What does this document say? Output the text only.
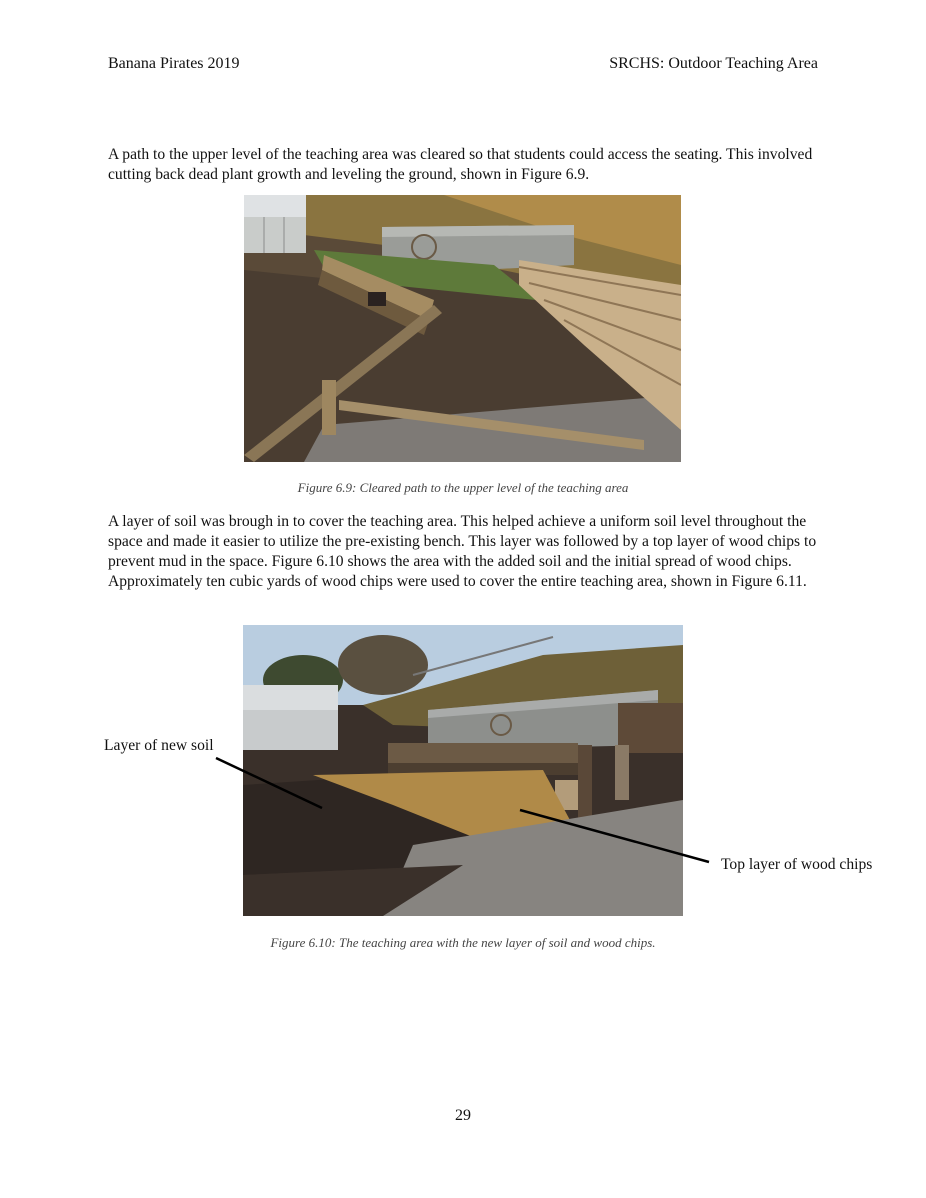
Banana Pirates 2019	SRCHS: Outdoor Teaching Area

A path to the upper level of the teaching area was cleared so that students could access the seating. This involved cutting back dead plant growth and leveling the ground, shown in Figure 6.9.

Figure 6.9: Cleared path to the upper level of the teaching area

A layer of soil was brough in to cover the teaching area. This helped achieve a uniform soil level throughout the space and made it easier to utilize the pre-existing bench. This layer was followed by a top layer of wood chips to prevent mud in the space. Figure 6.10 shows the area with the added soil and the initial spread of wood chips. Approximately ten cubic yards of wood chips were used to cover the entire teaching area, shown in Figure 6.11.

Figure 6.10: The teaching area with the new layer of soil and wood chips.
Layer of new soil
Top layer of wood chips
29
